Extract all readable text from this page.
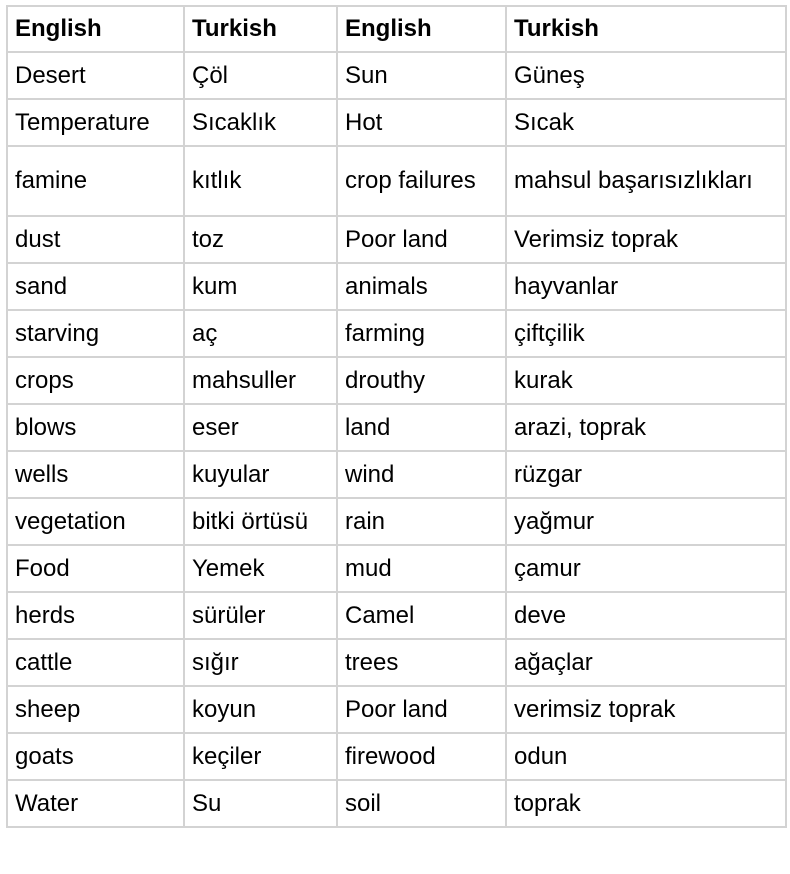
English	Turkish	English	Turkish
Desert	Çöl	Sun	Güneş
Temperature	Sıcaklık	Hot	Sıcak
famine	kıtlık	crop failures	mahsul başarısızlıkları
dust	toz	Poor land	Verimsiz toprak
sand	kum	animals	hayvanlar
starving	aç	farming	çiftçilik
crops	mahsuller	drouthy	kurak
blows	eser	land	arazi, toprak
wells	kuyular	wind	rüzgar
vegetation	bitki örtüsü	rain	yağmur
Food	Yemek	mud	çamur
herds	sürüler	Camel	deve
cattle	sığır	trees	ağaçlar
sheep	koyun	Poor land	verimsiz toprak
goats	keçiler	firewood	odun
Water	Su	soil	toprak
